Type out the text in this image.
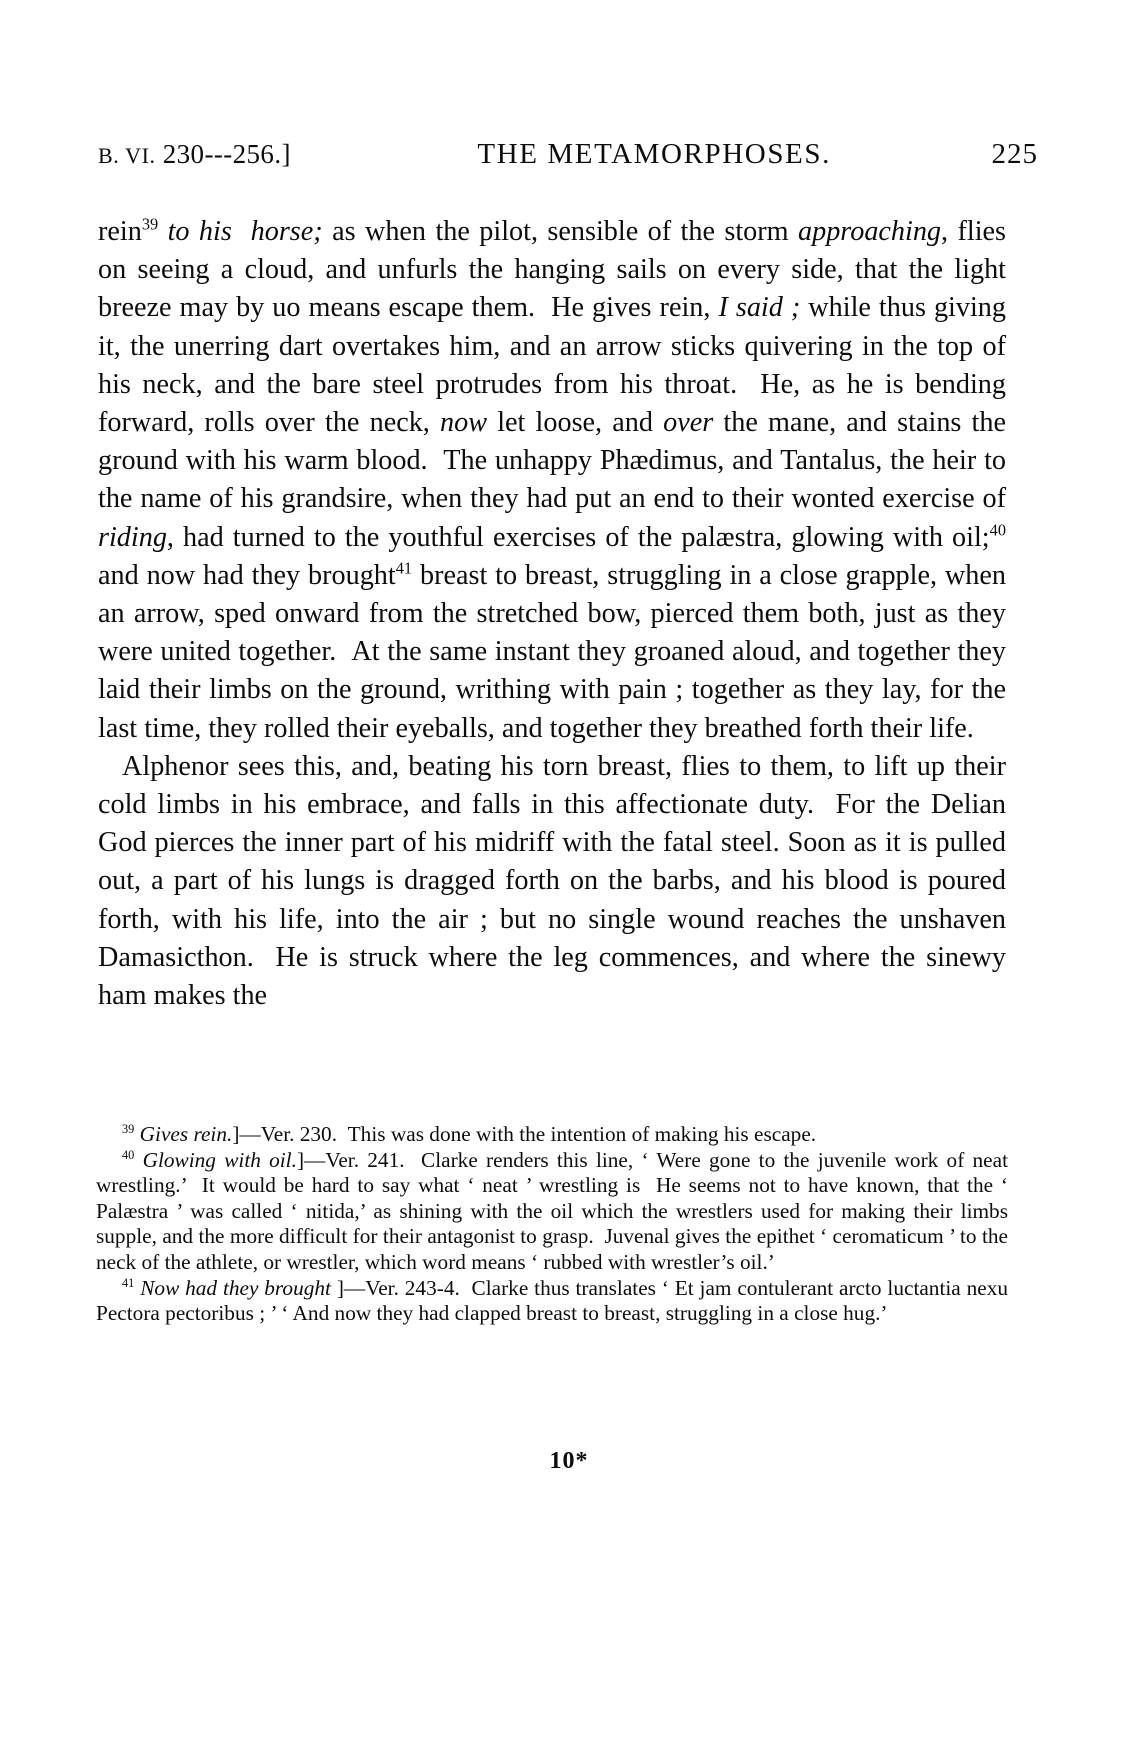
B. VI. 230---256.]	THE METAMORPHOSES.	225

rein$^{39}$ to his  horse; as when the pilot, sensible of the storm approaching, flies on seeing a cloud, and unfurls the hanging sails on every side, that the light breeze may by uo means escape them.  He gives rein, I said ; while thus giving it, the unerring dart overtakes him, and an arrow sticks quivering in the top of his neck, and the bare steel protrudes from his throat.  He, as he is bending forward, rolls over the neck, now let loose, and over the mane, and stains the ground with his warm blood.  The unhappy Phædimus, and Tantalus, the heir to the name of his grandsire, when they had put an end to their wonted exercise of riding, had turned to the youthful exercises of the palæstra, glowing with oil;$^{40}$ and now had they brought$^{41}$ breast to breast, struggling in a close grapple, when an arrow, sped onward from the stretched bow, pierced them both, just as they were united together.  At the same instant they groaned aloud, and together they laid their limbs on the ground, writhing with pain ; together as they lay, for the last time, they rolled their eyeballs, and together they breathed forth their life.

Alphenor sees this, and, beating his torn breast, flies to them, to lift up their cold limbs in his embrace, and falls in this affectionate duty.  For the Delian God pierces the inner part of his midriff with the fatal steel. Soon as it is pulled out, a part of his lungs is dragged forth on the barbs, and his blood is poured forth, with his life, into the air ; but no single wound reaches the unshaven Damasicthon.  He is struck where the leg commences, and where the sinewy ham makes the

$^{39}$ Gives rein.]—Ver. 230.  This was done with the intention of making his escape.

$^{40}$ Glowing with oil.]—Ver. 241.  Clarke renders this line, ‘ Were gone to the juvenile work of neat wrestling.’  It would be hard to say what ‘ neat ’ wrestling is  He seems not to have known, that the ‘ Palæstra ’ was called ‘ nitida,’ as shining with the oil which the wrestlers used for making their limbs supple, and the more difficult for their antagonist to grasp.  Juvenal gives the epithet ‘ ceromaticum ’ to the neck of the athlete, or wrestler, which word means ‘ rubbed with wrestler’s oil.’

$^{41}$ Now had they brought ]—Ver. 243-4.  Clarke thus translates ‘ Et jam contulerant arcto luctantia nexu Pectora pectoribus ; ’ ‘ And now they had clapped breast to breast, struggling in a close hug.’

10*
